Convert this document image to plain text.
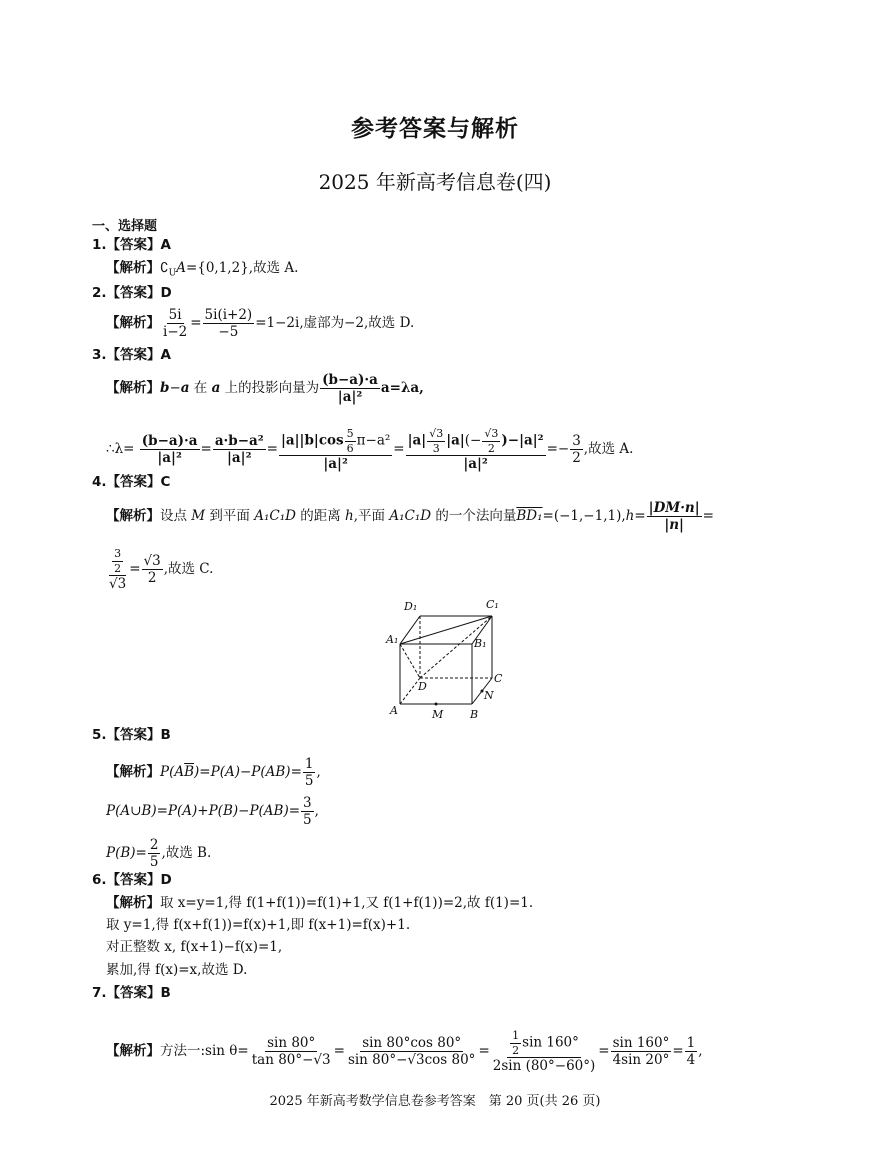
参考答案与解析
2025 年新高考信息卷(四)
一、选择题
1.【答案】A
【解析】$∁_UA=\{0,1,2\}$,故选 A.
2.【答案】D
【解析】 $\frac{5i}{i-2} = \frac{5i(i+2)}{-5} =1-2i$,虚部为−2,故选 D.
3.【答案】A
【解析】b−a 在 a 上的投影向量为 $\frac{(b-a)\cdot a}{\text{|a|²}} a=\lambda a$,
∴λ= $\frac{(b-a)\cdot a}{\text{|a|²}} = \frac{\text{a·b−a²}}{\text{|a|²}} = \frac{|a||b|\cos \frac{5}{6} \pi-a^2}{\text{|a|²}} = \frac{|a| \frac{√3}{3} |a|(- \frac{√3}{2} )-|a|^2}{\text{|a|²}} =- \frac{3}{2}$ ,故选 A.
4.【答案】C
【解析】设点 M 到平面 A₁C₁D 的距离 h,平面 A₁C₁D 的一个法向量$BD_1=(-1,-1,1),h= \frac{|DM\cdot n|}{|n|}$ =
$\frac{\frac{3}{2}}{√3} = \frac{√3}{2}$ ,故选 C.
D₁	C₁
A₁	B₁
D
C
N
A	M B
5.【答案】B
【解析】$P(A\overline{B})=P(A)-P(AB)= \frac{1}{5}$ ,
P(A∪B)=P(A)+P(B)−P(AB)= $\frac{3}{5}$ ,
$P(B)= \frac{2}{5}$ ,故选 B.
6.【答案】D
【解析】取 x=y=1,得 f(1+f(1))=f(1)+1,又 f(1+f(1))=2,故 f(1)=1.
取 y=1,得 f(x+f(1))=f(x)+1,即 f(x+1)=f(x)+1.
对正整数 x, f(x+1)−f(x)=1,
累加,得 f(x)=x,故选 D.
7.【答案】B
【解析】方法一:sin $\theta= \frac{\sin 80^\circ}{\tan 80^\circ-√3} = \frac{\sin 80^\circ\cos 80^\circ}{\sin 80^\circ-√3\cos 80^\circ} = \frac{\frac{1}{2} \sin 160^\circ}{2\sin (80^\circ-60^\circ)} = \frac{\sin 160^\circ}{4\sin 20^\circ} = \frac{1}{4}$ ,
2025 年新高考数学信息卷参考答案　第 20 页(共 26 页)
